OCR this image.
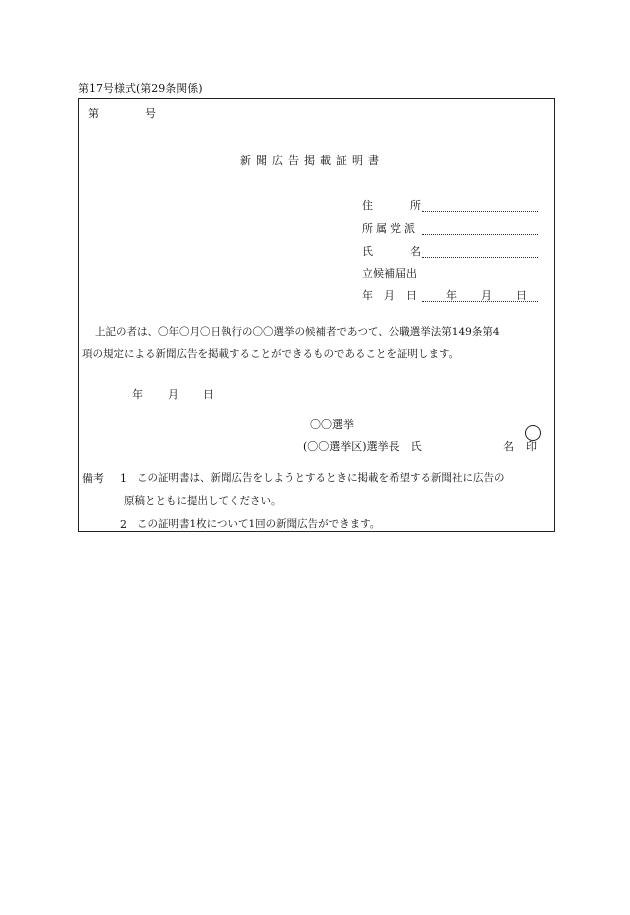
第17号様式(第29条関係)
第	号
新聞広告掲載証明書
住	所
所属党派
氏	名
立候補届出
年 月 日	年 月 日
上記の者は、〇年〇月〇日執行の〇〇選挙の候補者であつて、公職選挙法第149条第4
項の規定による新聞広告を掲載することができるものであることを証明します。
年 月 日
〇〇選挙
(〇〇選挙区)選挙長　氏	名 印
備考 1 この証明書は、新聞広告をしようとするときに掲載を希望する新聞社に広告の
原稿とともに提出してください。
2 この証明書1枚について1回の新聞広告ができます。
